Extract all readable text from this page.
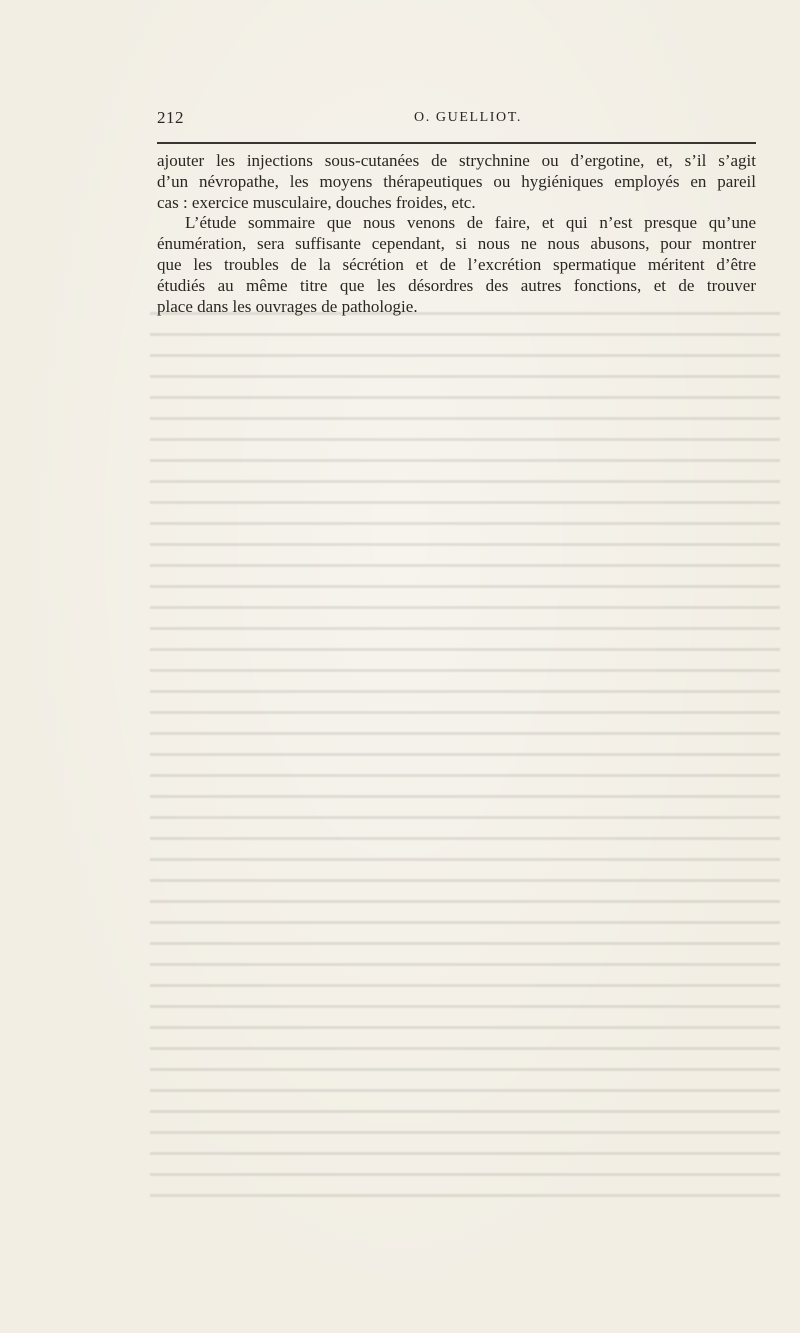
212	O. GUELLIOT.
ajouter les injections sous-cutanées de strychnine ou d’ergotine, et, s’il s’agit
d’un névropathe, les moyens thérapeutiques ou hygiéniques employés en pareil
cas : exercice musculaire, douches froides, etc.
L’étude sommaire que nous venons de faire, et qui n’est presque qu’une
énumération, sera suffisante cependant, si nous ne nous abusons, pour montrer
que les troubles de la sécrétion et de l’excrétion spermatique méritent d’être
étudiés au même titre que les désordres des autres fonctions, et de trouver
place dans les ouvrages de pathologie.
